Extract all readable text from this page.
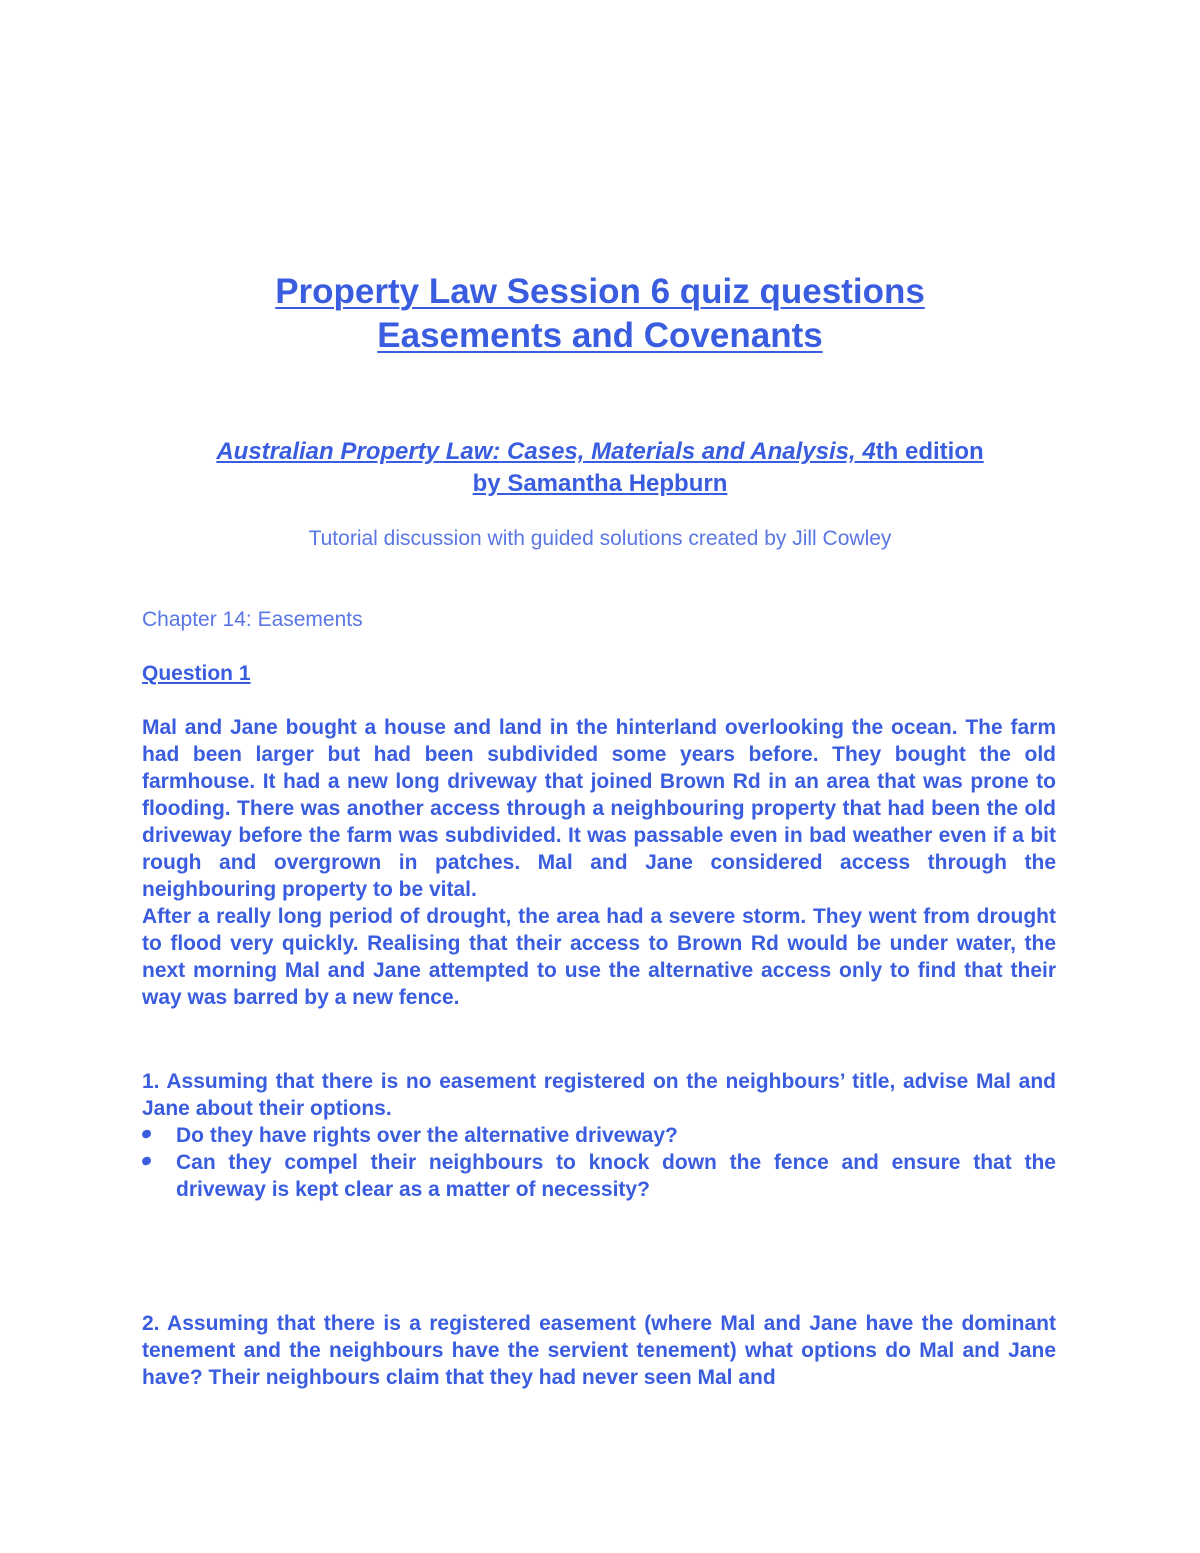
Property Law Session 6 quiz questions
Easements and Covenants
Australian Property Law: Cases, Materials and Analysis, 4th edition
by Samantha Hepburn
Tutorial discussion with guided solutions created by Jill Cowley
Chapter 14: Easements
Question 1

Mal and Jane bought a house and land in the hinterland overlooking the ocean. The farm had been larger but had been subdivided some years before. They bought the old farmhouse. It had a new long driveway that joined Brown Rd in an area that was prone to flooding. There was another access through a neighbouring property that had been the old driveway before the farm was subdivided. It was passable even in bad weather even if a bit rough and overgrown in patches. Mal and Jane considered access through the neighbouring property to be vital.

After a really long period of drought, the area had a severe storm. They went from drought to flood very quickly. Realising that their access to Brown Rd would be under water, the next morning Mal and Jane attempted to use the alternative access only to find that their way was barred by a new fence.

1. Assuming that there is no easement registered on the neighbours’ title, advise Mal and Jane about their options.
Do they have rights over the alternative driveway?
Can they compel their neighbours to knock down the fence and ensure that the driveway is kept clear as a matter of necessity?
2. Assuming that there is a registered easement (where Mal and Jane have the dominant tenement and the neighbours have the servient tenement) what options do Mal and Jane have? Their neighbours claim that they had never seen Mal and
